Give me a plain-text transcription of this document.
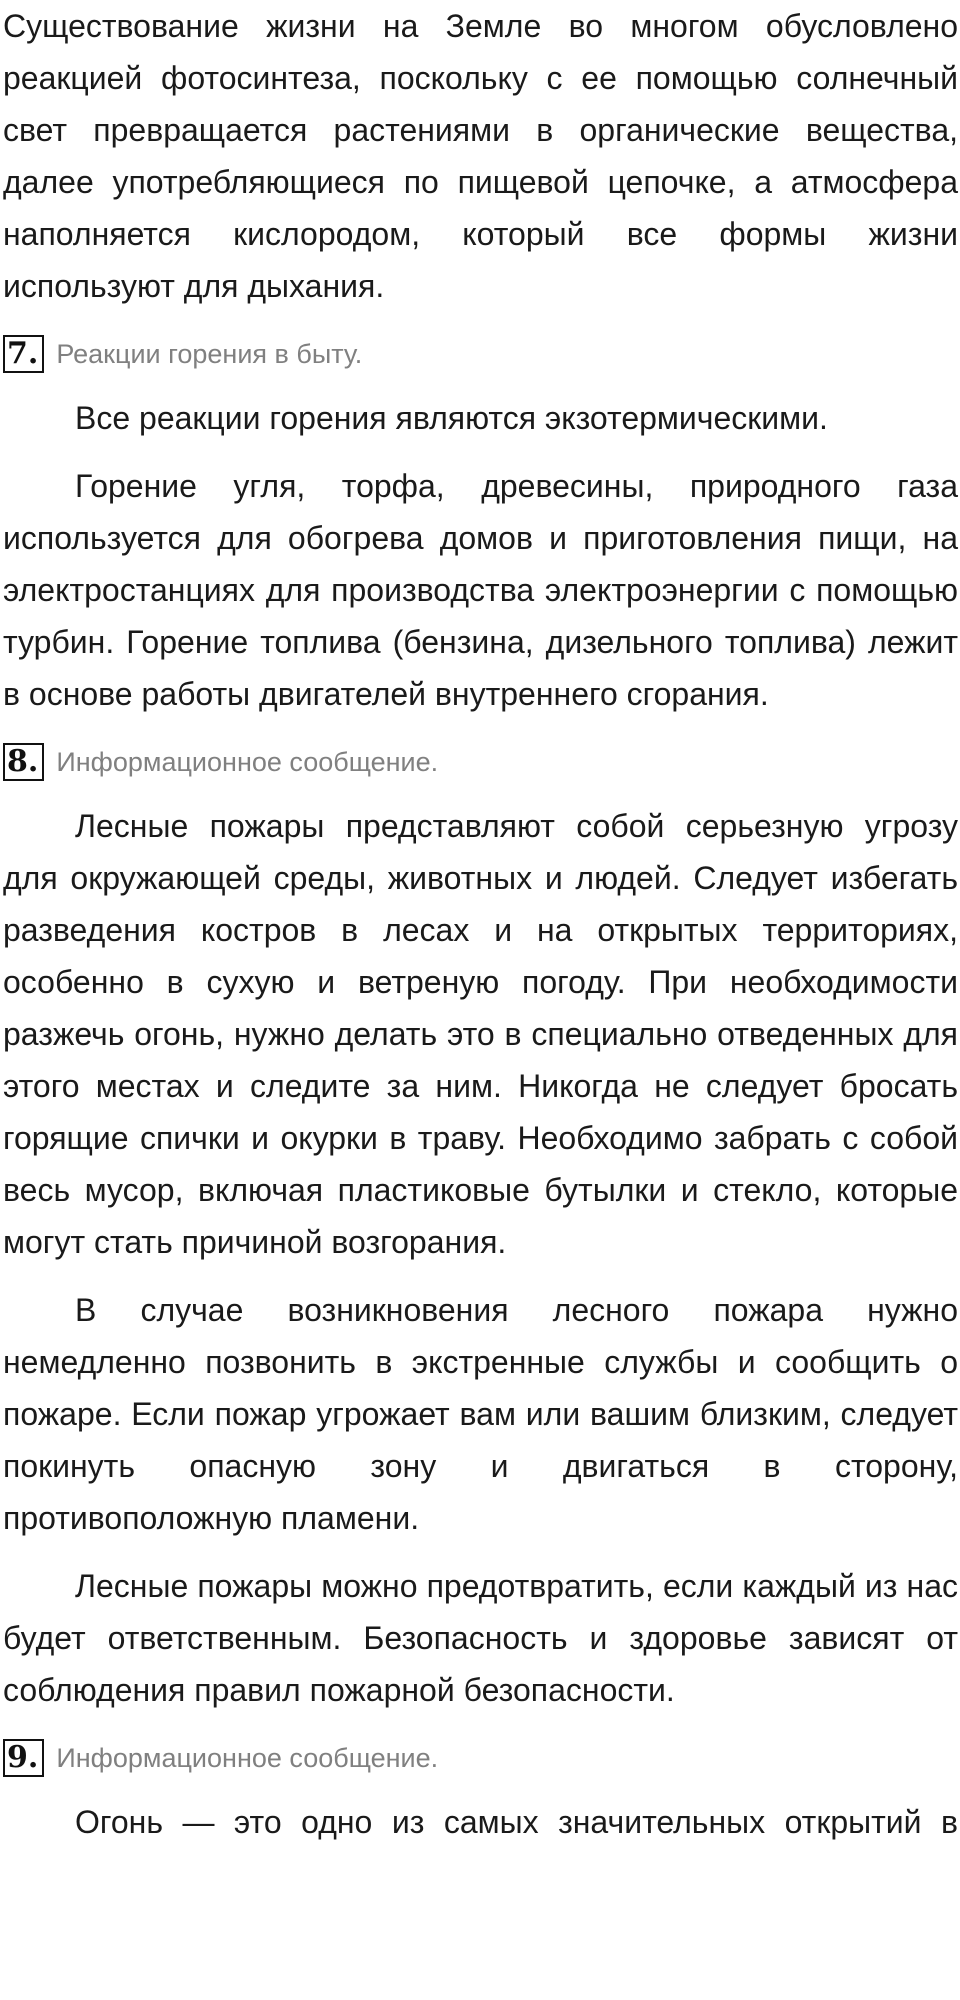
Существование жизни на Земле во многом обусловлено реакцией фотосинтеза, поскольку с ее помощью солнечный свет превращается растениями в органические вещества, далее употребляющиеся по пищевой цепочке, а атмосфера наполняется кислородом, который все формы жизни используют для дыхания.

7. Реакции горения в быту.

Все реакции горения являются экзотермическими.

Горение угля, торфа, древесины, природного газа используется для обогрева домов и приготовления пищи, на электростанциях для производства электроэнергии с помощью турбин. Горение топлива (бензина, дизельного топлива) лежит в основе работы двигателей внутреннего сгорания.

8. Информационное сообщение.

Лесные пожары представляют собой серьезную угрозу для окружающей среды, животных и людей. Следует избегать разведения костров в лесах и на открытых территориях, особенно в сухую и ветреную погоду. При необходимости разжечь огонь, нужно делать это в специально отведенных для этого местах и следите за ним. Никогда не следует бросать горящие спички и окурки в траву. Необходимо забрать с собой весь мусор, включая пластиковые бутылки и стекло, которые могут стать причиной возгорания.

В случае возникновения лесного пожара нужно немедленно позвонить в экстренные службы и сообщить о пожаре. Если пожар угрожает вам или вашим близким, следует покинуть опасную зону и двигаться в сторону, противоположную пламени.

Лесные пожары можно предотвратить, если каждый из нас будет ответственным. Безопасность и здоровье зависят от соблюдения правил пожарной безопасности.

9. Информационное сообщение.

Огонь — это одно из самых значительных открытий в
